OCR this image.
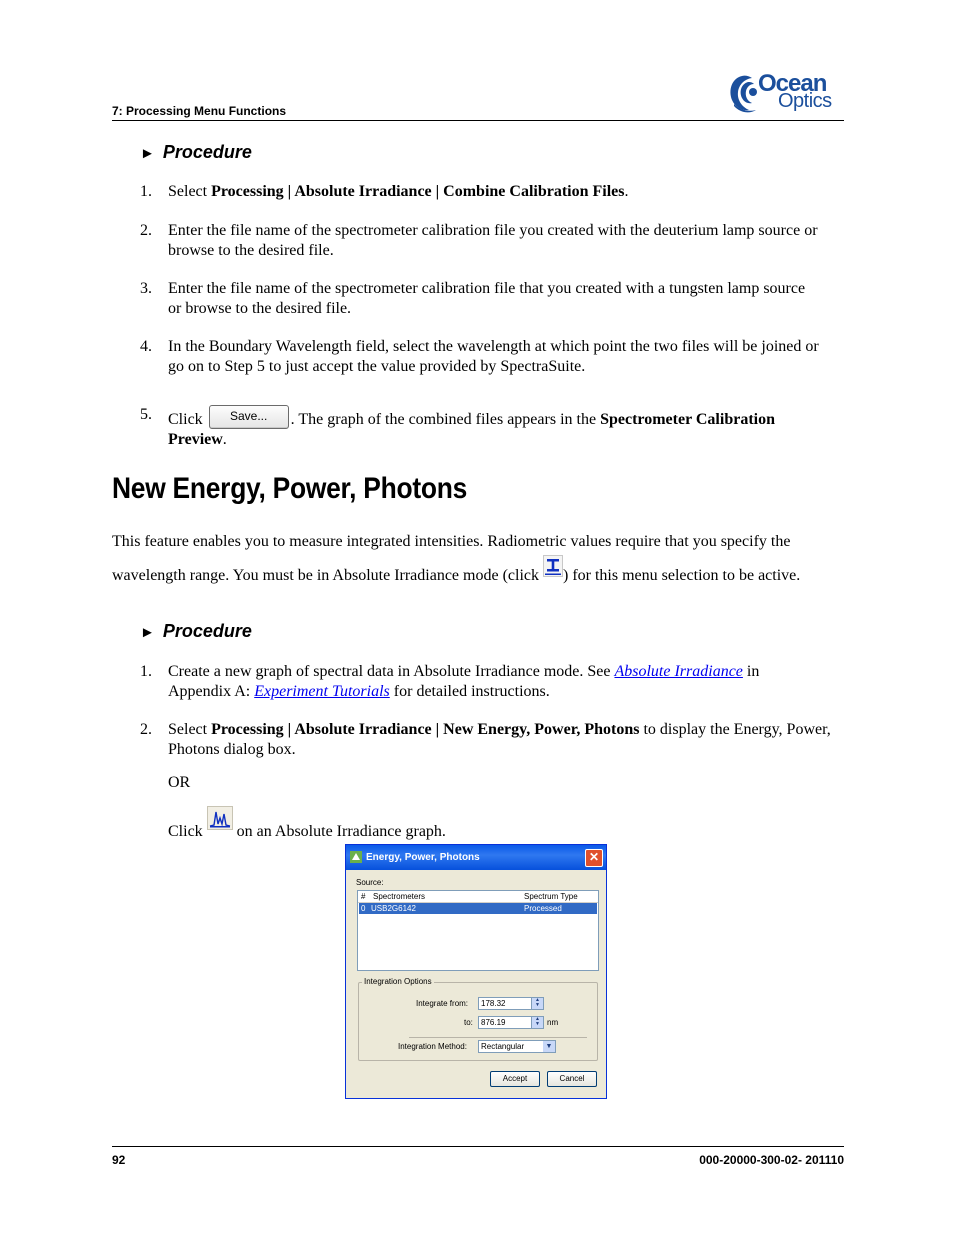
7: Processing Menu Functions
Ocean
Optics
► Procedure
1.	Select Processing | Absolute Irradiance | Combine Calibration Files.
2.	Enter the file name of the spectrometer calibration file you created with the deuterium lamp source or browse to the desired file.
3.	Enter the file name of the spectrometer calibration file that you created with a tungsten lamp source or browse to the desired file.
4.	In the Boundary Wavelength field, select the wavelength at which point the two files will be joined or go on to Step 5 to just accept the value provided by SpectraSuite.
5.	Click Save... . The graph of the combined files appears in the Spectrometer Calibration Preview.
New Energy, Power, Photons
This feature enables you to measure integrated intensities. Radiometric values require that you specify the wavelength range. You must be in Absolute Irradiance mode (click ) for this menu selection to be active.
► Procedure
1.	Create a new graph of spectral data in Absolute Irradiance mode. See Absolute Irradiance in Appendix A: Experiment Tutorials for detailed instructions.
2.	Select Processing | Absolute Irradiance | New Energy, Power, Photons to display the Energy, Power, Photons dialog box.
OR
Click  on an Absolute Irradiance graph.
Energy, Power, Photons	✕
Source:
# Spectrometers	Spectrum Type
0 USB2G6142	Processed
Integration Options
Integrate from:	178.32	▲
▼
to:	876.19	▲
▼ nm
Integration Method:	Rectangular	▼
Accept	Cancel
92	000-20000-300-02- 201110
